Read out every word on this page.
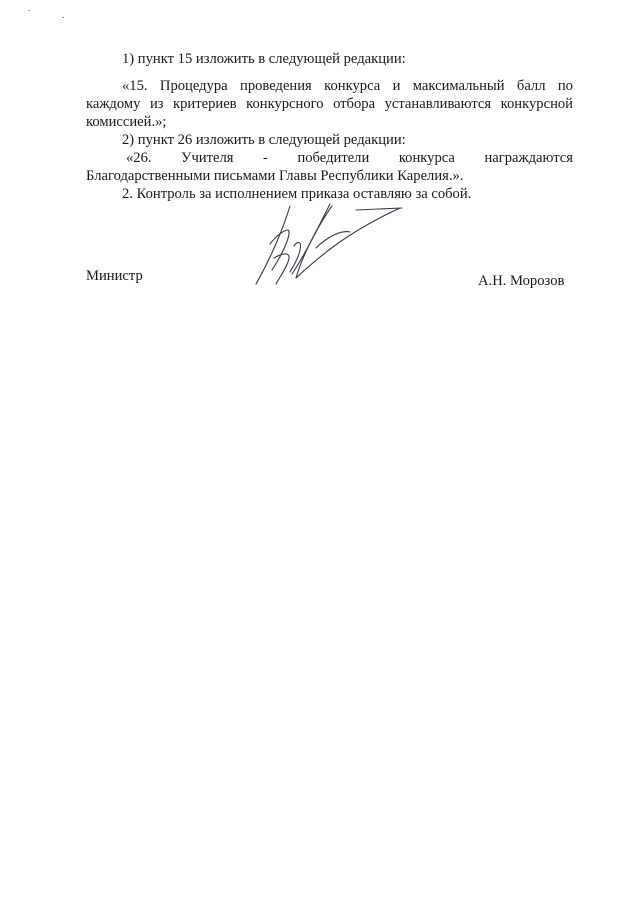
1) пункт 15 изложить в следующей редакции:
«15. Процедура проведения конкурса и максимальный балл по
каждому из критериев конкурсного отбора устанавливаются конкурсной
комиссией.»;
2) пункт 26 изложить в следующей редакции:
«26. Учителя - победители конкурса награждаются
Благодарственными письмами Главы Республики Карелия.».
2. Контроль за исполнением приказа оставляю за собой.
Министр	А.Н. Морозов
